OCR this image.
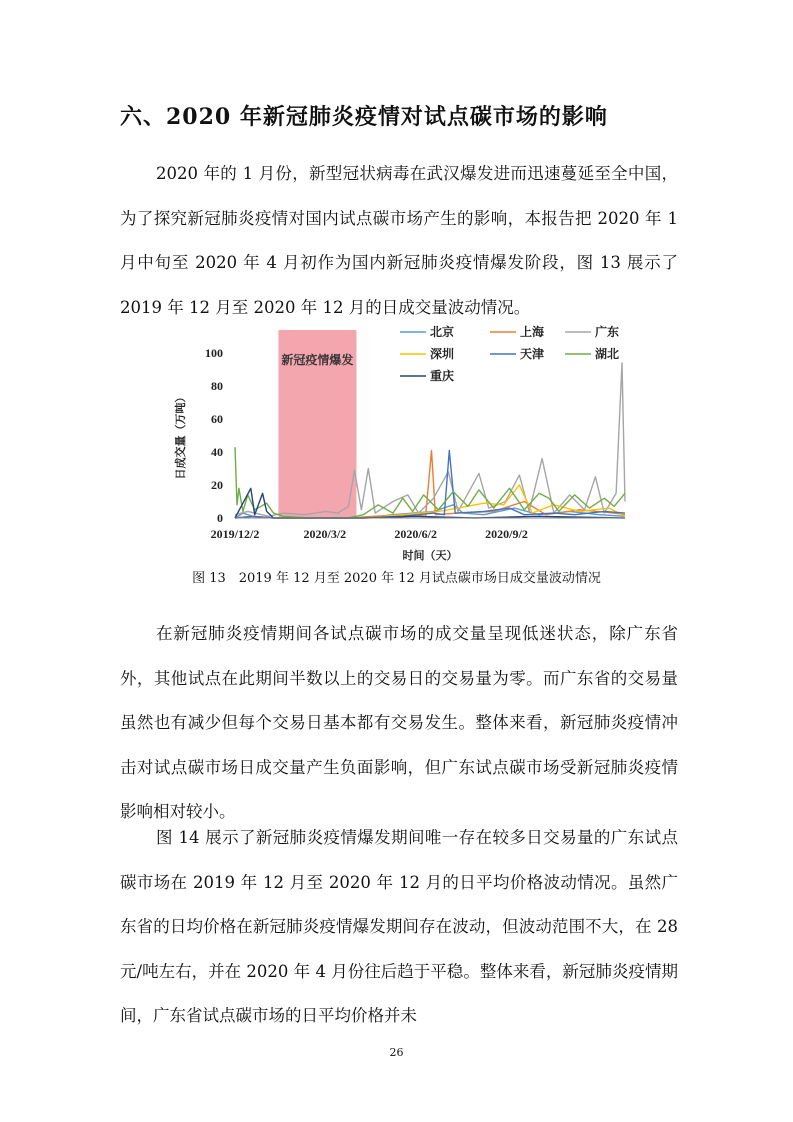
六、2020 年新冠肺炎疫情对试点碳市场的影响
2020 年的 1 月份，新型冠状病毒在武汉爆发进而迅速蔓延至全中国，为了探究新冠肺炎疫情对国内试点碳市场产生的影响，本报告把 2020 年 1 月中旬至 2020 年 4 月初作为国内新冠肺炎疫情爆发阶段，图 13 展示了 2019 年 12 月至 2020 年 12 月的日成交量波动情况。
新冠疫情爆发
0
20
40
60
80
100
2019/12/2	2020/3/2	2020/6/2	2020/9/2
时间（天）
日成交量（万吨）
北京	上海	广东
深圳	天津	湖北
重庆
图 13　2019 年 12 月至 2020 年 12 月试点碳市场日成交量波动情况
在新冠肺炎疫情期间各试点碳市场的成交量呈现低迷状态，除广东省外，其他试点在此期间半数以上的交易日的交易量为零。而广东省的交易量虽然也有减少但每个交易日基本都有交易发生。整体来看，新冠肺炎疫情冲击对试点碳市场日成交量产生负面影响，但广东试点碳市场受新冠肺炎疫情影响相对较小。
图 14 展示了新冠肺炎疫情爆发期间唯一存在较多日交易量的广东试点碳市场在 2019 年 12 月至 2020 年 12 月的日平均价格波动情况。虽然广东省的日均价格在新冠肺炎疫情爆发期间存在波动，但波动范围不大，在 28 元/吨左右，并在 2020 年 4 月份往后趋于平稳。整体来看，新冠肺炎疫情期间，广东省试点碳市场的日平均价格并未
26
